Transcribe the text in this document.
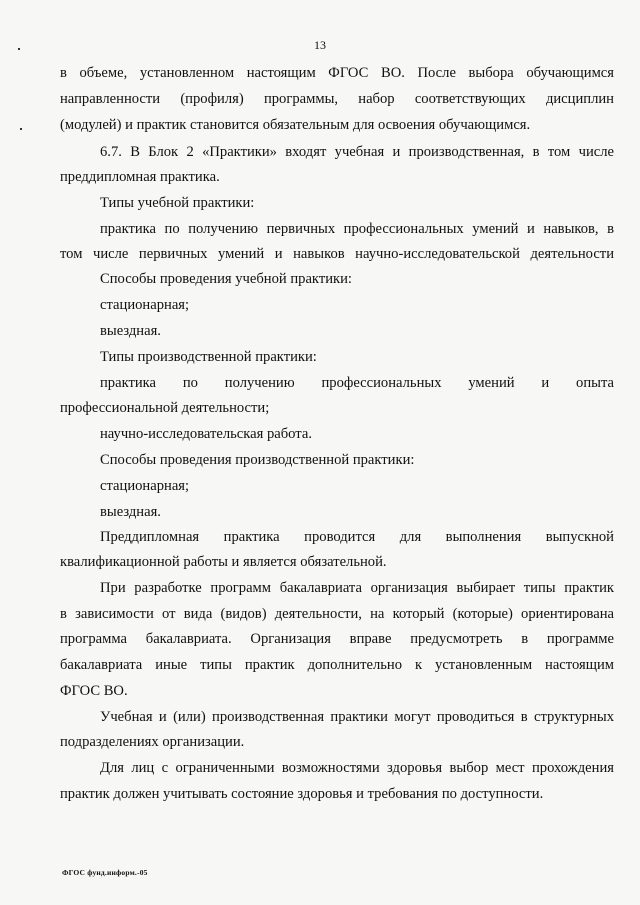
13
в объеме, установленном настоящим ФГОС ВО. После выбора обучающимся
направленности (профиля) программы, набор соответствующих дисциплин
(модулей) и практик становится обязательным для освоения обучающимся.
6.7. В Блок 2 «Практики» входят учебная и производственная, в том числе
преддипломная практика.
Типы учебной практики:
практика по получению первичных профессиональных умений и навыков, в
том числе первичных умений и навыков научно-исследовательской деятельности
Способы проведения учебной практики:
стационарная;
выездная.
Типы производственной практики:
практика по получению профессиональных умений и опыта
профессиональной деятельности;
научно-исследовательская работа.
Способы проведения производственной практики:
стационарная;
выездная.
Преддипломная практика проводится для выполнения выпускной
квалификационной работы и является обязательной.
При разработке программ бакалавриата организация выбирает типы практик
в зависимости от вида (видов) деятельности, на который (которые) ориентирована
программа бакалавриата. Организация вправе предусмотреть в программе
бакалавриата иные типы практик дополнительно к установленным настоящим
ФГОС ВО.
Учебная и (или) производственная практики могут проводиться в структурных
подразделениях организации.
Для лиц с ограниченными возможностями здоровья выбор мест прохождения
практик должен учитывать состояние здоровья и требования по доступности.
ФГОС фунд.информ.-05
